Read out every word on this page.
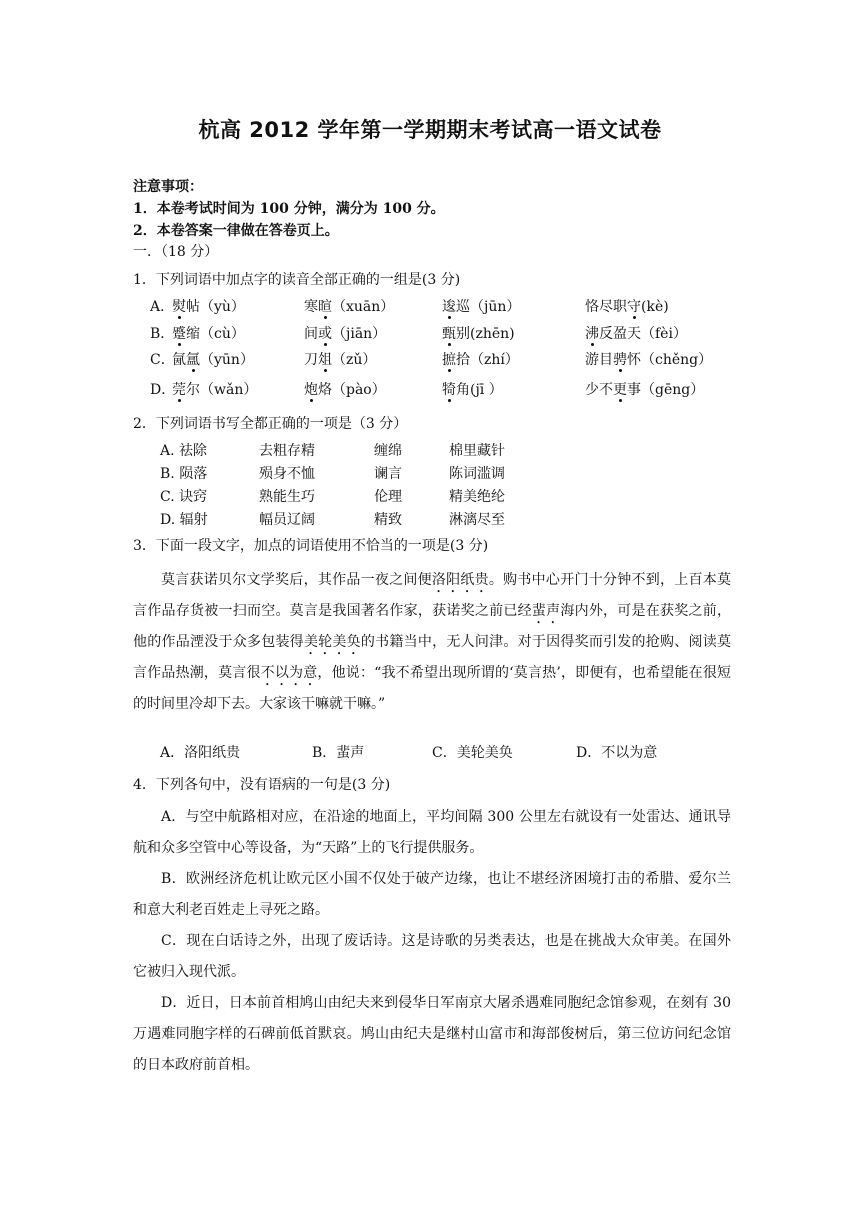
杭高 2012 学年第一学期期末考试高一语文试卷
注意事项：
1．本卷考试时间为 100 分钟，满分为 100 分。
2．本卷答案一律做在答卷页上。
一．（18 分）
1．下列词语中加点字的读音全部正确的一组是(3 分)
A．
熨帖（yù）	寒暄（xuān）	逡巡（jūn）	恪尽职守(kè)
B．
蹙缩（cù）	间或（jiān）	甄别(zhēn)	沸反盈天（fèi）
C．
氤氲（yūn）	刀俎（zǔ）	摭拾（zhí）	游目骋怀（chěng）
D．
莞尔（wǎn）	炮烙（pào）	犄角(jī ）	少不更事（gēng）
2．下列词语书写全都正确的一项是（3 分）
A. 祛除	去粗存精	缠绵	棉里藏针
B. 陨落	殒身不恤	谰言	陈词滥调
C. 诀窍	熟能生巧	伦理	精美绝纶
D. 辐射	幅员辽阔	精致	淋漓尽至
3．下面一段文字，加点的词语使用不恰当的一项是(3 分)
莫言获诺贝尔文学奖后，其作品一夜之间便洛阳纸贵。购书中心开门十分钟不到，上百本莫言作品存货被一扫而空。莫言是我国著名作家，获诺奖之前已经蜚声海内外，可是在获奖之前，他的作品湮没于众多包装得美轮美奂的书籍当中，无人问津。对于因得奖而引发的抢购、阅读莫言作品热潮，莫言很不以为意，他说：“我不希望出现所谓的‘莫言热’，即便有，也希望能在很短的时间里冷却下去。大家该干嘛就干嘛。”
A．洛阳纸贵	B．蜚声	C．美轮美奂	D．不以为意
4．下列各句中，没有语病的一句是(3 分)

A．与空中航路相对应，在沿途的地面上，平均间隔 300 公里左右就设有一处雷达、通讯导航和众多空管中心等设备，为“天路”上的飞行提供服务。

B．欧洲经济危机让欧元区小国不仅处于破产边缘，也让不堪经济困境打击的希腊、爱尔兰和意大利老百姓走上寻死之路。

C．现在白话诗之外，出现了废话诗。这是诗歌的另类表达，也是在挑战大众审美。在国外它被归入现代派。

D．近日，日本前首相鸠山由纪夫来到侵华日军南京大屠杀遇难同胞纪念馆参观，在刻有 30 万遇难同胞字样的石碑前低首默哀。鸠山由纪夫是继村山富市和海部俊树后，第三位访问纪念馆的日本政府前首相。
